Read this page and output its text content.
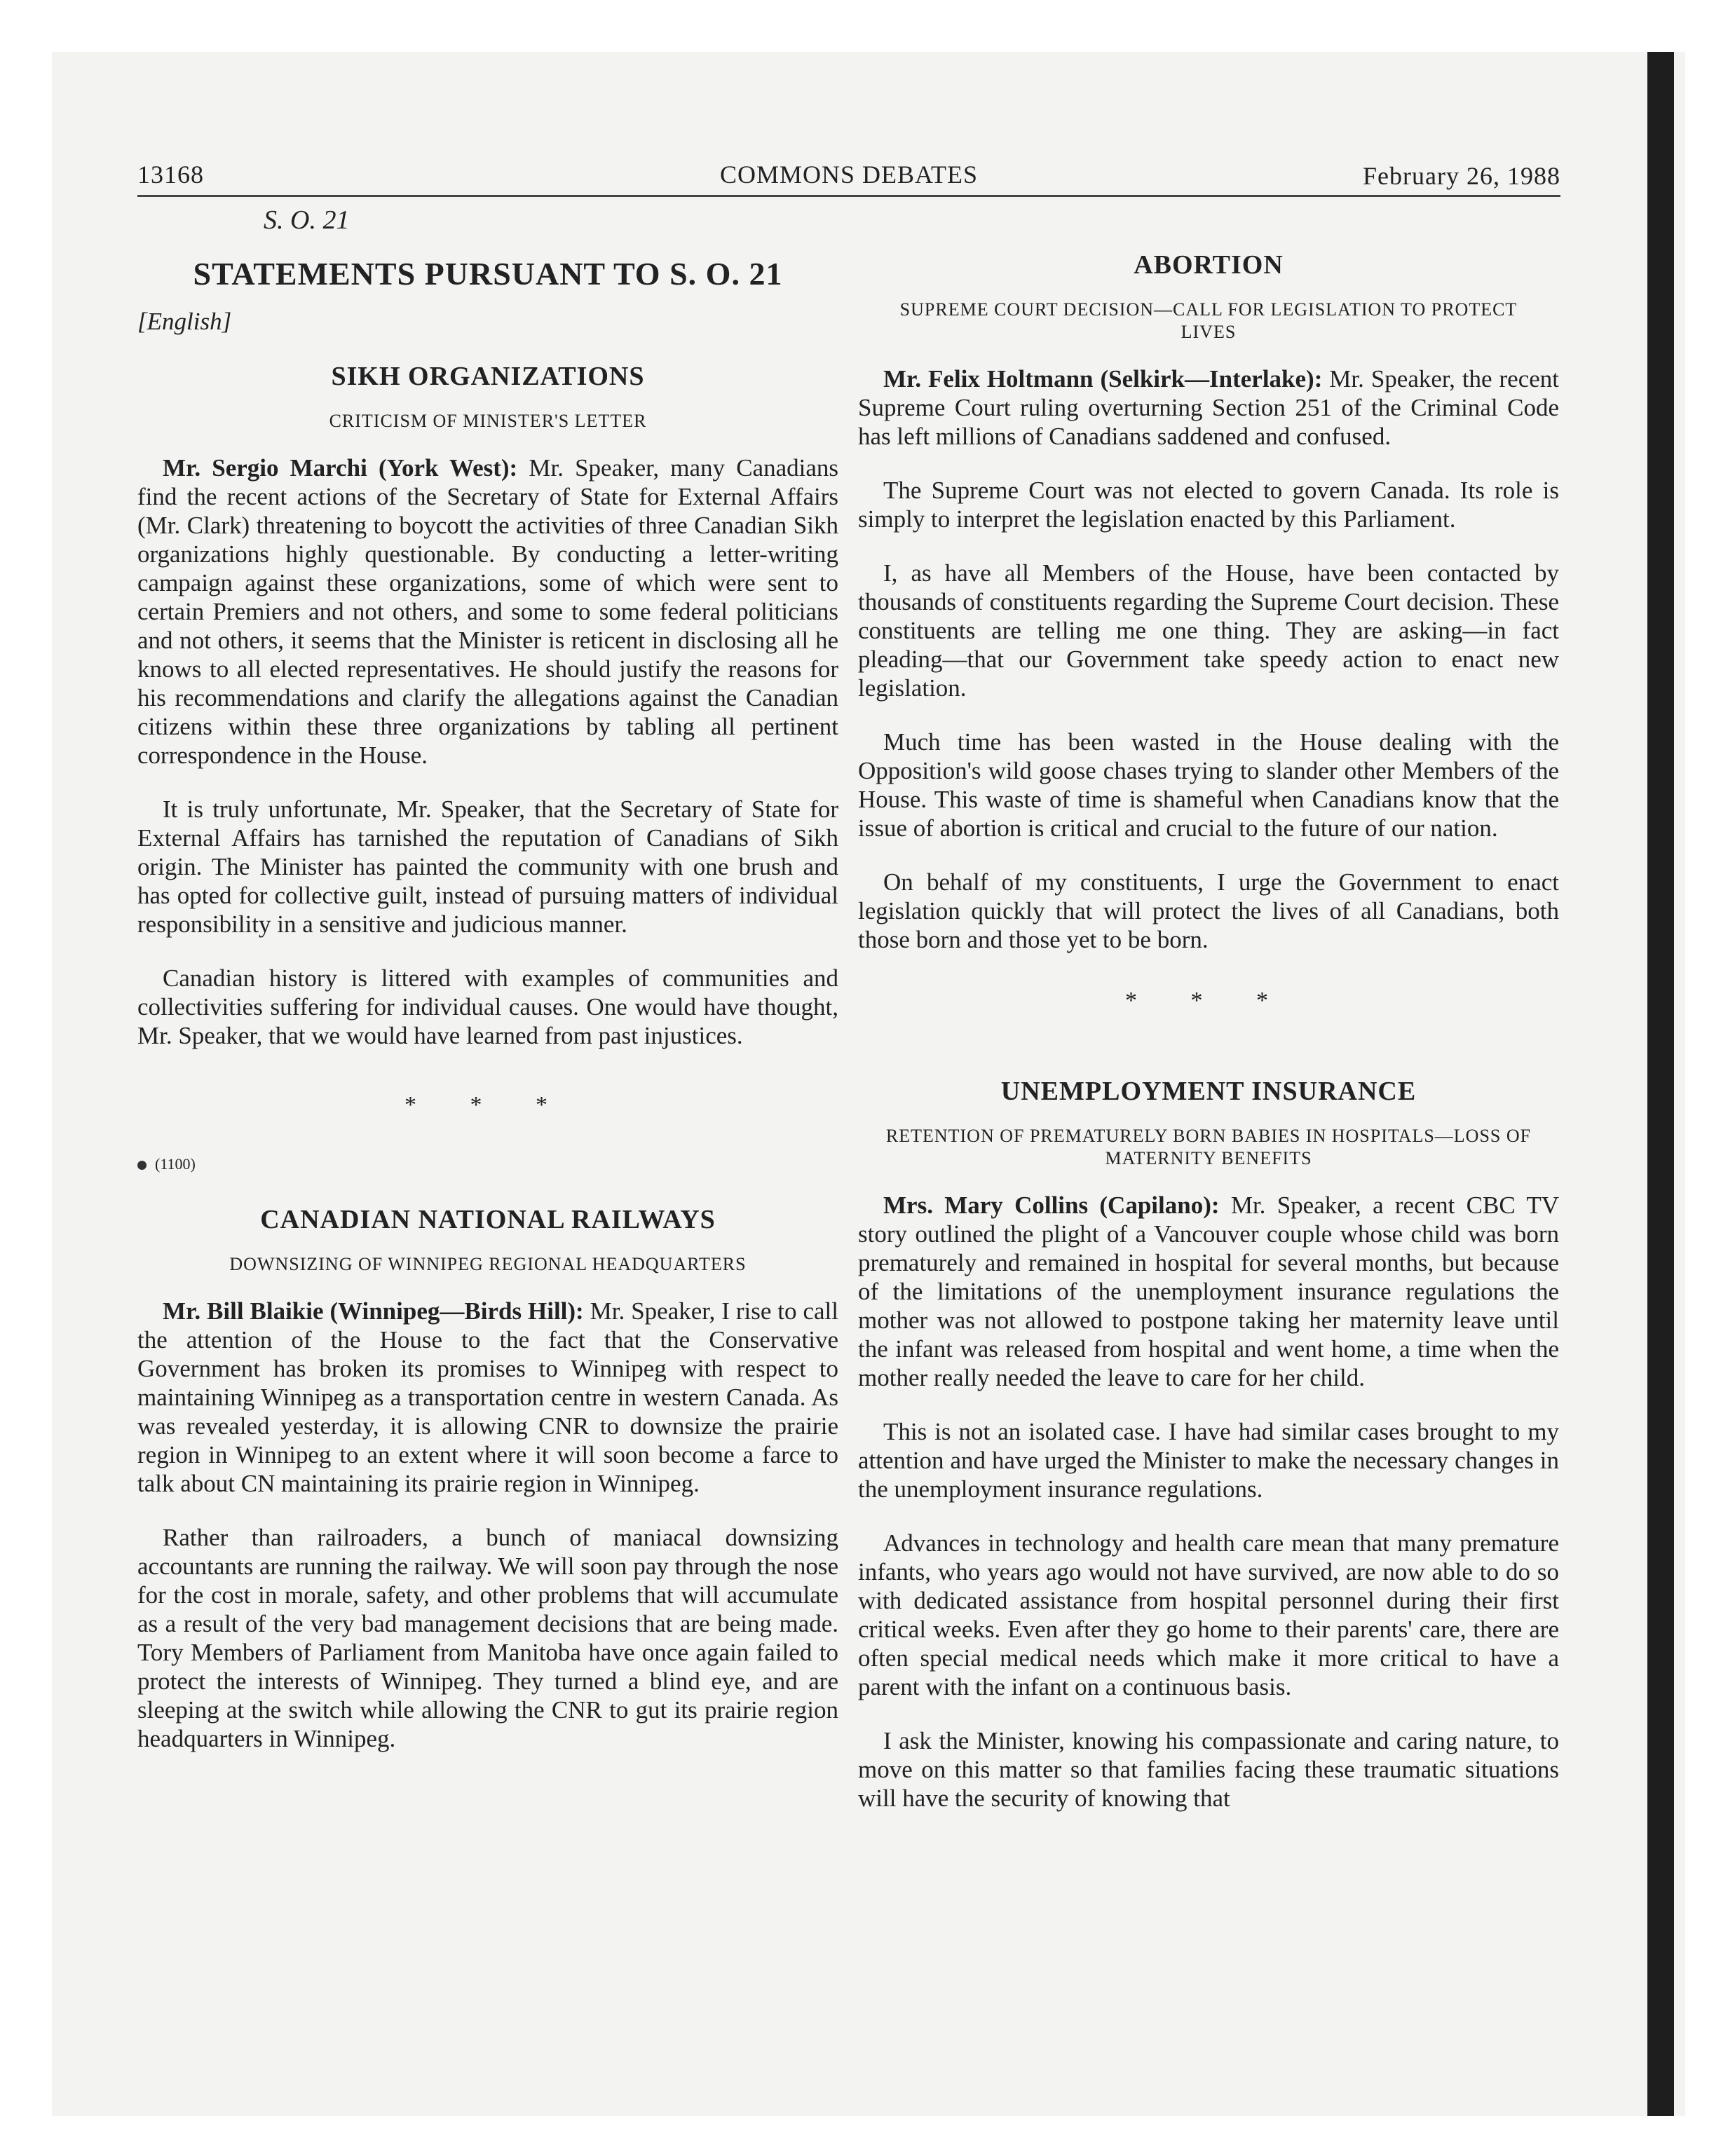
13168	COMMONS DEBATES	February 26, 1988
S. O. 21
STATEMENTS PURSUANT TO S. O. 21
[English]
SIKH ORGANIZATIONS
CRITICISM OF MINISTER'S LETTER

Mr. Sergio Marchi (York West): Mr. Speaker, many Canadians find the recent actions of the Secretary of State for External Affairs (Mr. Clark) threatening to boycott the activities of three Canadian Sikh organizations highly questionable. By conducting a letter-writing campaign against these organizations, some of which were sent to certain Premiers and not others, and some to some federal politicians and not others, it seems that the Minister is reticent in disclosing all he knows to all elected representatives. He should justify the reasons for his recommendations and clarify the allegations against the Canadian citizens within these three organizations by tabling all pertinent correspondence in the House.

It is truly unfortunate, Mr. Speaker, that the Secretary of State for External Affairs has tarnished the reputation of Canadians of Sikh origin. The Minister has painted the community with one brush and has opted for collective guilt, instead of pursuing matters of individual responsibility in a sensitive and judicious manner.

Canadian history is littered with examples of communities and collectivities suffering for individual causes. One would have thought, Mr. Speaker, that we would have learned from past injustices.

* * *
(1100)
CANADIAN NATIONAL RAILWAYS
DOWNSIZING OF WINNIPEG REGIONAL HEADQUARTERS

Mr. Bill Blaikie (Winnipeg—Birds Hill): Mr. Speaker, I rise to call the attention of the House to the fact that the Conservative Government has broken its promises to Winnipeg with respect to maintaining Winnipeg as a transportation centre in western Canada. As was revealed yesterday, it is allowing CNR to downsize the prairie region in Winnipeg to an extent where it will soon become a farce to talk about CN maintaining its prairie region in Winnipeg.

Rather than railroaders, a bunch of maniacal downsizing accountants are running the railway. We will soon pay through the nose for the cost in morale, safety, and other problems that will accumulate as a result of the very bad management decisions that are being made. Tory Members of Parliament from Manitoba have once again failed to protect the interests of Winnipeg. They turned a blind eye, and are sleeping at the switch while allowing the CNR to gut its prairie region headquarters in Winnipeg.

ABORTION
SUPREME COURT DECISION—CALL FOR LEGISLATION TO PROTECT LIVES

Mr. Felix Holtmann (Selkirk—Interlake): Mr. Speaker, the recent Supreme Court ruling overturning Section 251 of the Criminal Code has left millions of Canadians saddened and confused.

The Supreme Court was not elected to govern Canada. Its role is simply to interpret the legislation enacted by this Parliament.

I, as have all Members of the House, have been contacted by thousands of constituents regarding the Supreme Court decision. These constituents are telling me one thing. They are asking—in fact pleading—that our Government take speedy action to enact new legislation.

Much time has been wasted in the House dealing with the Opposition's wild goose chases trying to slander other Members of the House. This waste of time is shameful when Canadians know that the issue of abortion is critical and crucial to the future of our nation.

On behalf of my constituents, I urge the Government to enact legislation quickly that will protect the lives of all Canadians, both those born and those yet to be born.

* * *
UNEMPLOYMENT INSURANCE
RETENTION OF PREMATURELY BORN BABIES IN HOSPITALS—LOSS OF MATERNITY BENEFITS

Mrs. Mary Collins (Capilano): Mr. Speaker, a recent CBC TV story outlined the plight of a Vancouver couple whose child was born prematurely and remained in hospital for several months, but because of the limitations of the unemployment insurance regulations the mother was not allowed to postpone taking her maternity leave until the infant was released from hospital and went home, a time when the mother really needed the leave to care for her child.

This is not an isolated case. I have had similar cases brought to my attention and have urged the Minister to make the necessary changes in the unemployment insurance regulations.

Advances in technology and health care mean that many premature infants, who years ago would not have survived, are now able to do so with dedicated assistance from hospital personnel during their first critical weeks. Even after they go home to their parents' care, there are often special medical needs which make it more critical to have a parent with the infant on a continuous basis.

I ask the Minister, knowing his compassionate and caring nature, to move on this matter so that families facing these traumatic situations will have the security of knowing that
